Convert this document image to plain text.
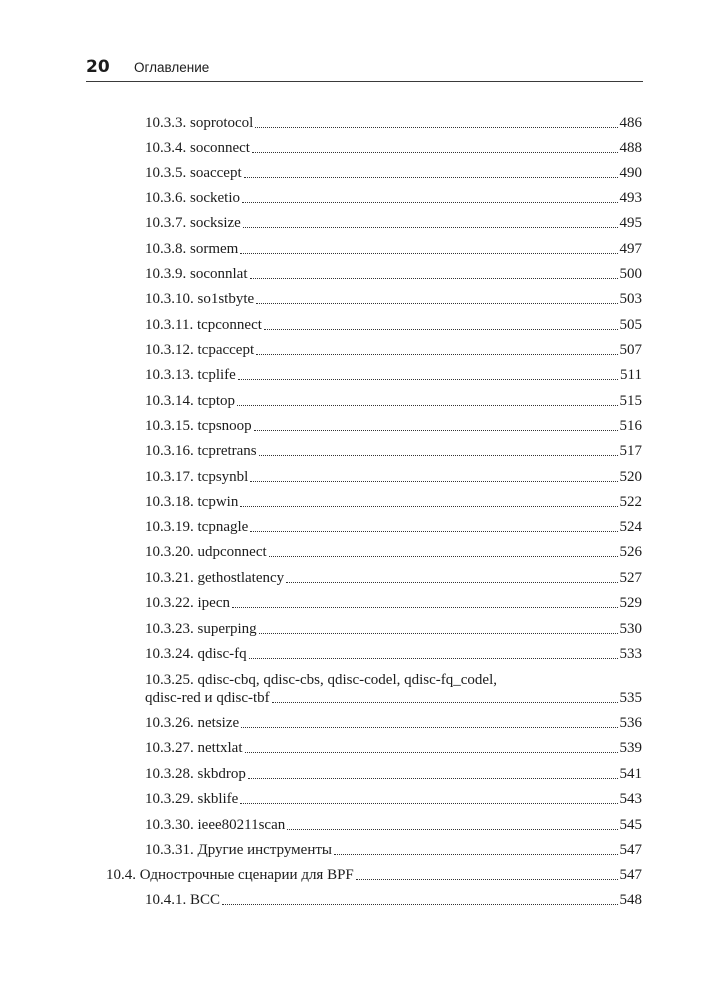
20 Оглавление
10.3.3. soprotocol	486
10.3.4. soconnect	488
10.3.5. soaccept	490
10.3.6. socketio	493
10.3.7. socksize	495
10.3.8. sormem	497
10.3.9. soconnlat	500
10.3.10. so1stbyte	503
10.3.11. tcpconnect	505
10.3.12. tcpaccept	507
10.3.13. tcplife	511
10.3.14. tcptop	515
10.3.15. tcpsnoop	516
10.3.16. tcpretrans	517
10.3.17. tcpsynbl	520
10.3.18. tcpwin	522
10.3.19. tcpnagle	524
10.3.20. udpconnect	526
10.3.21. gethostlatency	527
10.3.22. ipecn	529
10.3.23. superping	530
10.3.24. qdisc-fq	533
10.3.25. qdisc-cbq, qdisc-cbs, qdisc-codel, qdisc-fq_codel,
qdisc-red и qdisc-tbf	535
10.3.26. netsize	536
10.3.27. nettxlat	539
10.3.28. skbdrop	541
10.3.29. skblife	543
10.3.30. ieee80211scan	545
10.3.31. Другие инструменты	547
10.4. Однострочные сценарии для BPF	547
10.4.1. BCC	548
